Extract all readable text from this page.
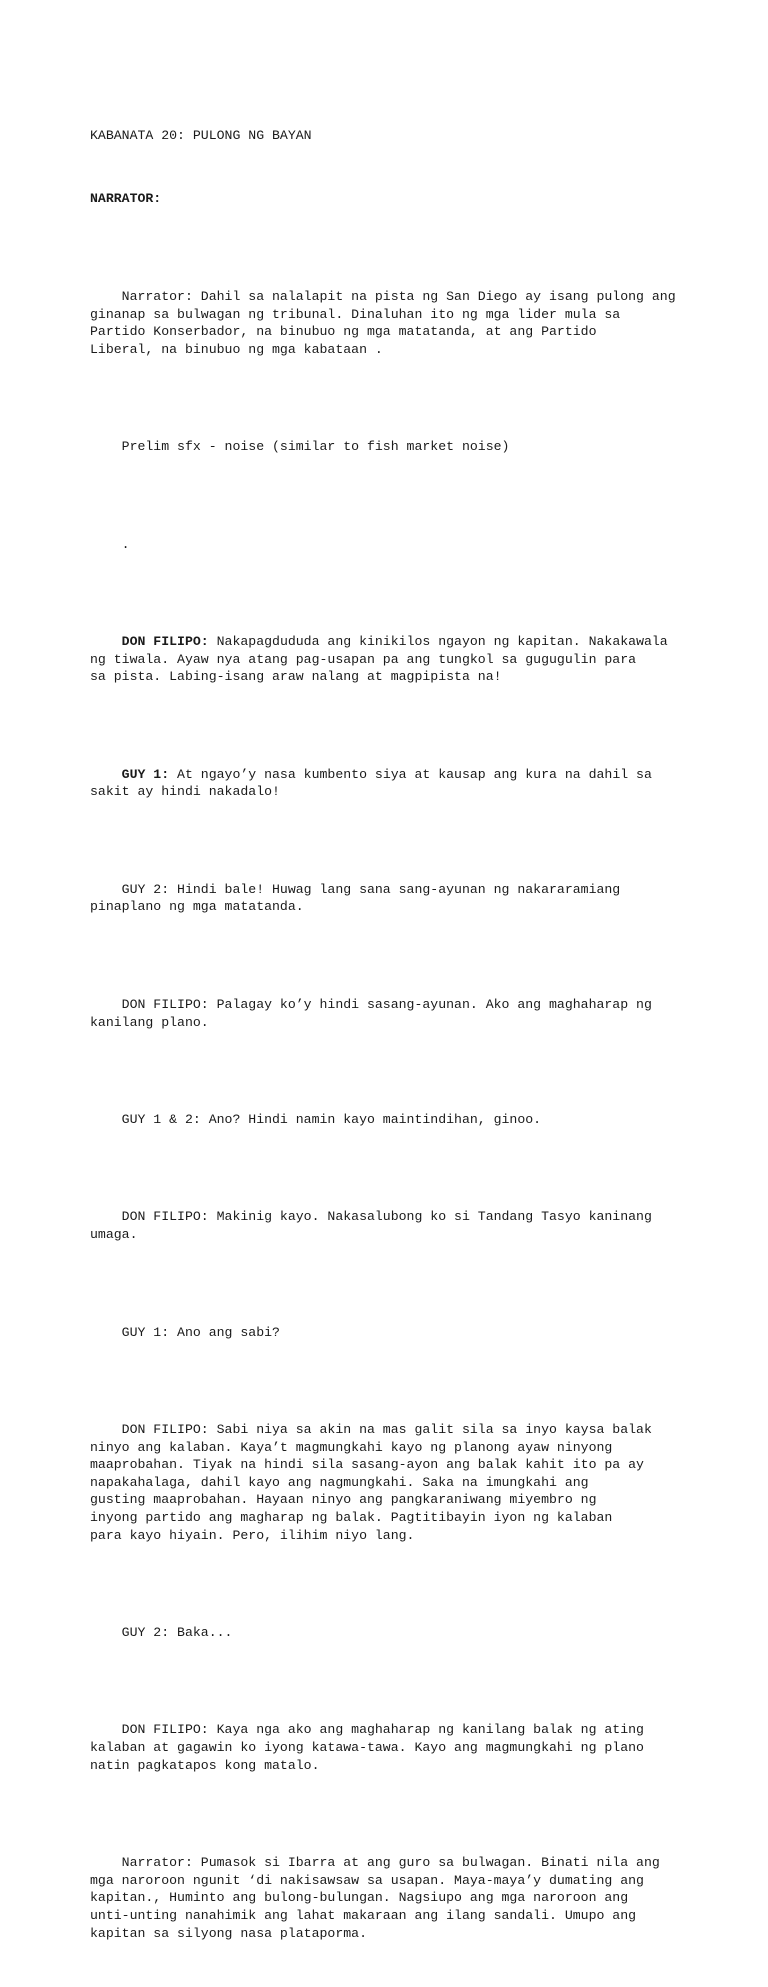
KABANATA 20: PULONG NG BAYAN

NARRATOR:

Narrator: Dahil sa nalalapit na pista ng San Diego ay isang pulong ang
ginanap sa bulwagan ng tribunal. Dinaluhan ito ng mga lider mula sa
Partido Konserbador, na binubuo ng mga matatanda, at ang Partido
Liberal, na binubuo ng mga kabataan .

Prelim sfx - noise (similar to fish market noise)

.

DON FILIPO: Nakapagdududa ang kinikilos ngayon ng kapitan. Nakakawala
ng tiwala. Ayaw nya atang pag-usapan pa ang tungkol sa gugugulin para
sa pista. Labing-isang araw nalang at magpipista na!

GUY 1: At ngayo’y nasa kumbento siya at kausap ang kura na dahil sa
sakit ay hindi nakadalo!

GUY 2: Hindi bale! Huwag lang sana sang-ayunan ng nakararamiang
pinaplano ng mga matatanda.

DON FILIPO: Palagay ko’y hindi sasang-ayunan. Ako ang maghaharap ng
kanilang plano.

GUY 1 & 2: Ano? Hindi namin kayo maintindihan, ginoo.

DON FILIPO: Makinig kayo. Nakasalubong ko si Tandang Tasyo kaninang
umaga.

GUY 1: Ano ang sabi?

DON FILIPO: Sabi niya sa akin na mas galit sila sa inyo kaysa balak
ninyo ang kalaban. Kaya’t magmungkahi kayo ng planong ayaw ninyong
maaprobahan. Tiyak na hindi sila sasang-ayon ang balak kahit ito pa ay
napakahalaga, dahil kayo ang nagmungkahi. Saka na imungkahi ang
gusting maaprobahan. Hayaan ninyo ang pangkaraniwang miyembro ng
inyong partido ang magharap ng balak. Pagtitibayin iyon ng kalaban
para kayo hiyain. Pero, ilihim niyo lang.

GUY 2: Baka...

DON FILIPO: Kaya nga ako ang maghaharap ng kanilang balak ng ating
kalaban at gagawin ko iyong katawa-tawa. Kayo ang magmungkahi ng plano
natin pagkatapos kong matalo.

Narrator: Pumasok si Ibarra at ang guro sa bulwagan. Binati nila ang
mga naroroon ngunit ‘di nakisawsaw sa usapan. Maya-maya’y dumating ang
kapitan., Huminto ang bulong-bulungan. Nagsiupo ang mga naroroon ang
unti-unting nanahimik ang lahat makaraan ang ilang sandali. Umupo ang
kapitan sa silyong nasa plataporma.
